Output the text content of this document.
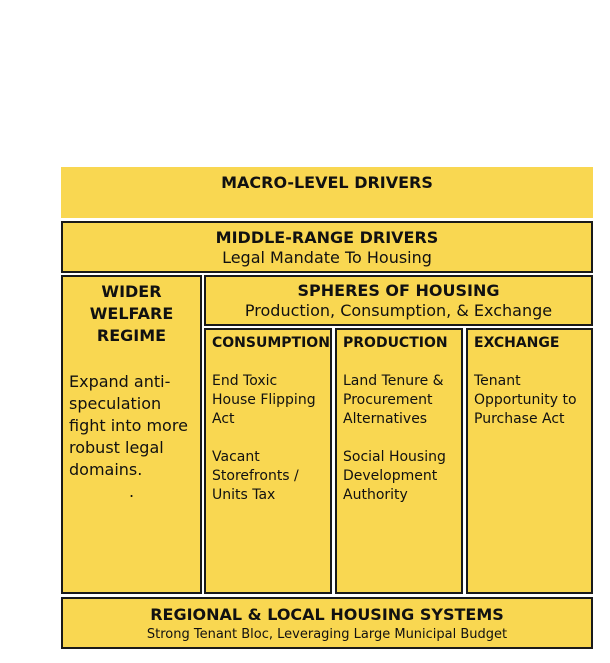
MACRO-LEVEL DRIVERS
MIDDLE-RANGE DRIVERS
Legal Mandate To Housing
WIDER
WELFARE
REGIME
Expand anti-speculation fight into more robust legal domains.
.
SPHERES OF HOUSING
Production, Consumption, & Exchange
CONSUMPTION
End Toxic House Flipping Act
Vacant Storefronts / Units Tax
PRODUCTION
Land Tenure & Procurement Alternatives
Social Housing Development Authority
EXCHANGE
Tenant Opportunity to Purchase Act
REGIONAL & LOCAL HOUSING SYSTEMS
Strong Tenant Bloc, Leveraging Large Municipal Budget
